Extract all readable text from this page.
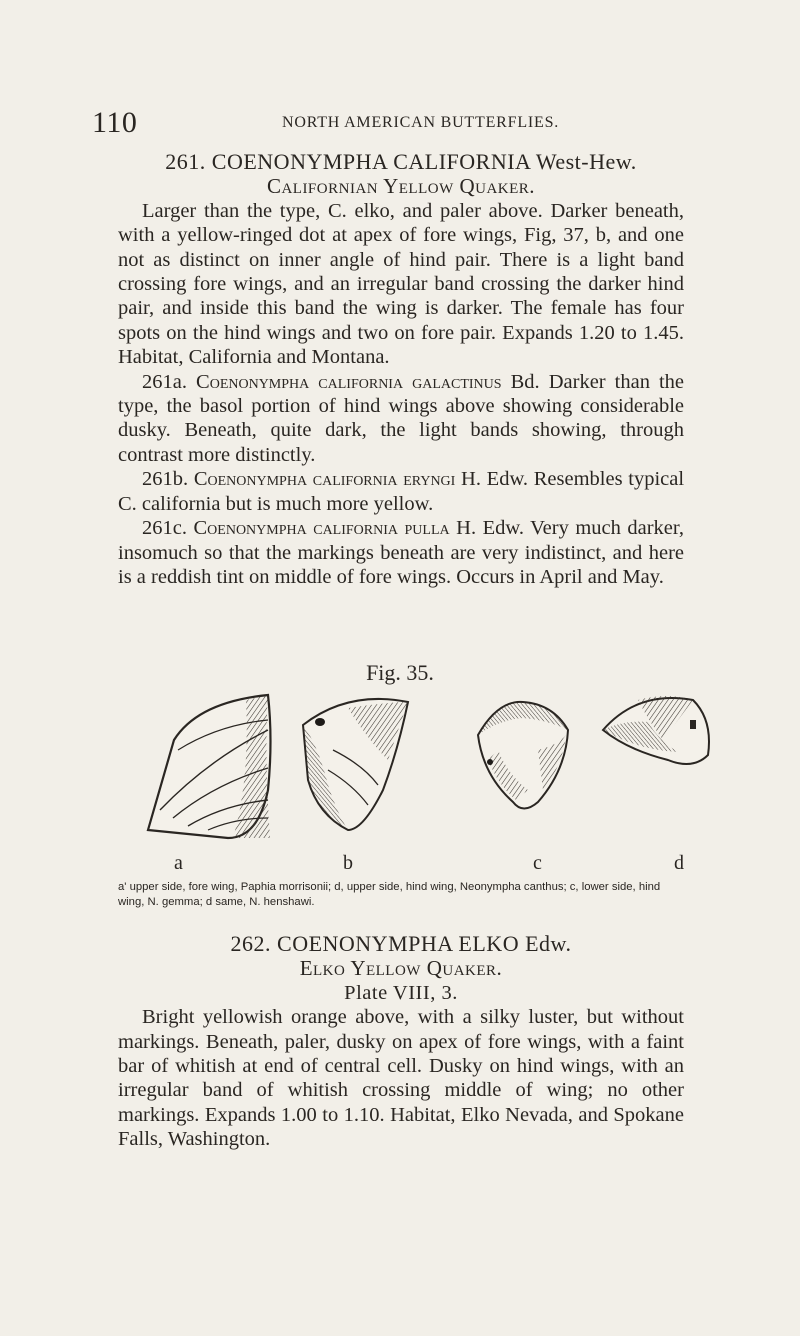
110	NORTH AMERICAN BUTTERFLIES.
261. COENONYMPHA CALIFORNIA West-Hew.
Californian Yellow Quaker.

Larger than the type, C. elko, and paler above. Darker beneath, with a yellow-ringed dot at apex of fore wings, Fig, 37, b, and one not as distinct on inner angle of hind pair. There is a light band crossing fore wings, and an irregular band crossing the darker hind pair, and inside this band the wing is darker. The female has four spots on the hind wings and two on fore pair. Expands 1.20 to 1.45. Habitat, California and Montana.

261a. Coenonympha california galactinus Bd. Darker than the type, the basol portion of hind wings above showing considerable dusky. Beneath, quite dark, the light bands showing, through contrast more distinctly.

261b. Coenonympha california eryngi H. Edw. Resembles typical C. california but is much more yellow.

261c. Coenonympha california pulla H. Edw. Very much darker, insomuch so that the markings beneath are very indistinct, and here is a reddish tint on middle of fore wings. Occurs in April and May.

Fig. 35.
a	b	c	d
a' upper side, fore wing, Paphia morrisonii; d, upper side, hind wing, Neonympha canthus; c, lower side, hind wing, N. gemma; d same, N. henshawi.
262. COENONYMPHA ELKO Edw.
Elko Yellow Quaker.
Plate VIII, 3.

Bright yellowish orange above, with a silky luster, but without markings. Beneath, paler, dusky on apex of fore wings, with a faint bar of whitish at end of central cell. Dusky on hind wings, with an irregular band of whitish crossing middle of wing; no other markings. Expands 1.00 to 1.10. Habitat, Elko Nevada, and Spokane Falls, Washington.
